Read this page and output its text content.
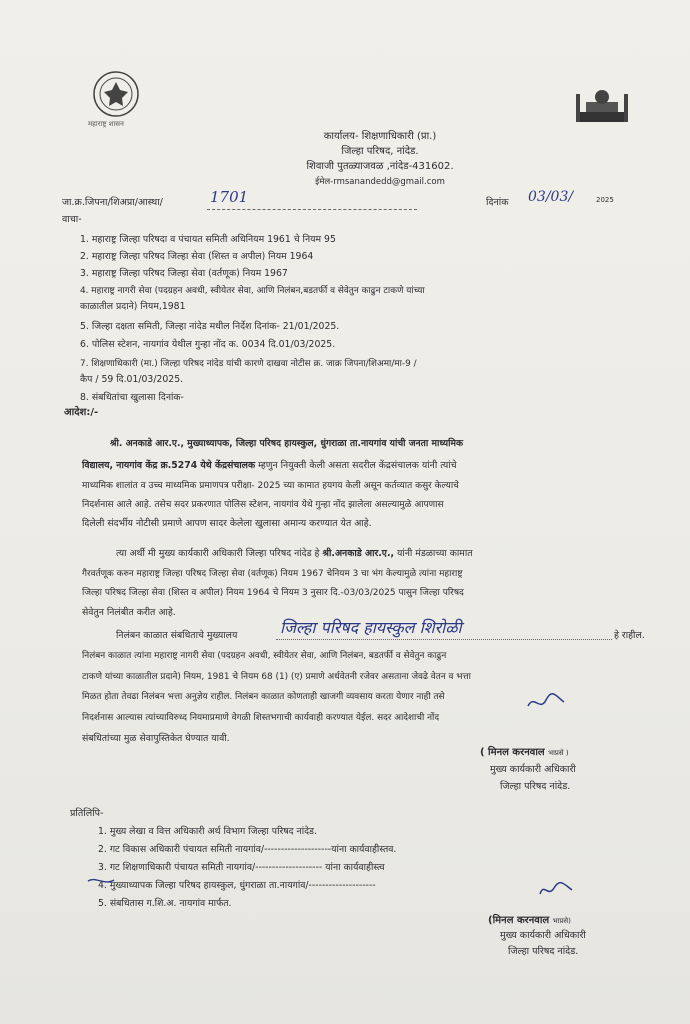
महाराष्ट्र शासन
कार्यालय- शिक्षणाधिकारी (प्रा.)
जिल्हा परिषद, नांदेड.
शिवाजी पुतळ्याजवळ ,नांदेड-431602.
ईमेल-rmsanandedd@gmail.com
जा.क्र.जिपना/शिअप्रा/आस्था/	1701	दिनांक 03/03/	2025
वाचा-
1. महाराष्ट्र जिल्हा परिषदा व पंचायत समिती अधिनियम 1961 चे नियम 95
2. महाराष्ट्र जिल्हा परिषद जिल्हा सेवा (शिस्त व अपील) नियम 1964
3. महाराष्ट्र जिल्हा परिषद जिल्हा सेवा (वर्तणूक) नियम 1967
4. महाराष्ट्र नागरी सेवा (पदग्रहन अवधी, स्वीयेतर सेवा, आणि निलंबन,बडतर्फी व सेवेतुन काढुन टाकणे यांच्या
काळातील प्रदाने) नियम,1981
5. जिल्हा दक्षता समिती, जिल्हा नांदेड मधील निर्देश दिनांक- 21/01/2025.
6. पोलिस स्टेशन, नायगांव येथील गुन्हा नोंद क. 0034 दि.01/03/2025.
7. शिक्षणाधिकारी (मा.) जिल्हा परिषद नांदेड यांची कारणे दाखवा नोटीस क्र. जाक्र जिपना/शिअमा/मा-9 /
कैप / 59 दि.01/03/2025.
8. संबधितांचा खुलासा दिनांक-
आदेश:/-
श्री. अनकाडे आर.ए., मुख्याध्यापक, जिल्हा परिषद हायस्कुल, धुंगराळा ता.नायगांव यांची जनता माध्यमिक
विद्यालय, नायगांव केंद्र क्र.5274 येथे केंद्रसंचालक म्हणुन नियुक्ती केली असता सदरील केंद्रसंचालक यांनी त्यांचे
माध्यमिक शालांत व उच्च माध्यमिक प्रमाणपत्र परीक्षा- 2025 च्या कामात हयगय केली असून कर्तव्यात कसुर केल्याचे
निदर्शनास आले आहे. तसेच सदर प्रकरणात पोलिस स्टेशन, नायगांव येथे गुन्हा नोंद झालेला असल्यामुळे आपणास
दिलेली संदर्भीय नोटीसी प्रमाणे आपण सादर केलेला खुलासा अमान्य करण्यात येत आहे.
त्या अर्थी मी मुख्य कार्यकारी अधिकारी जिल्हा परिषद नांदेड हे श्री.अनकाडे आर.ए., यांनी मंडळाच्या कामात
गैरवर्तणूक करुन महाराष्ट्र जिल्हा परिषद जिल्हा सेवा (वर्तणूक) नियम 1967 चेनियम 3 चा भंग केल्यामुळे त्यांना महाराष्ट्र
जिल्हा परिषद जिल्हा सेवा (शिस्त व अपील) नियम 1964 चे नियम 3 नुसार दि.-03/03/2025 पासुन जिल्हा परिषद
सेवेतुन निलंबीत करीत आहे.
निलंबन काळात संबधिताचे मुख्यालय	जिल्हा परिषद हायस्कुल शिरोळी	हे राहील.
निलंबन काळात त्यांना महाराष्ट्र नागरी सेवा (पदग्रहन अवधी, स्वीयेतर सेवा, आणि निलंबन, बडतर्फी व सेवेतुन काढुन
टाकणे यांच्या काळातील प्रदाने) नियम, 1981 चे नियम 68 (1) (ए) प्रमाणे अर्धवेतनी रजेवर असताना जेवढे वेतन व भत्ता
मिळत होता तेवढा निलंबन भत्ता अनुज्ञेय राहील. निलंबन काळात कोणताही खाजगी व्यवसाय करता येणार नाही तसे
निदर्शनास आल्यास त्यांच्याविरुध्द नियमाप्रमाणे वेगळी शिस्तभगाची कार्यवाही करण्यात येईल. सदर आदेशाची नोंद
संबधितांच्या मुळ सेवापुस्तिकेत घेण्यात यावी.
( मिनल करनवाल भाप्रसे )
मुख्य कार्यकारी अधिकारी
जिल्हा परिषद नांदेड.
प्रतिलिपि-
1. मुख्य लेखा व वित्त अधिकारी अर्थ विभाग जिल्हा परिषद नांदेड.
2. गट विकास अधिकारी पंचायत समिती नायगांव/--------------------यांना कार्यवाहीस्तव.
3. गट शिक्षणाधिकारी पंचायत समिती नायगांव/-------------------- यांना कार्यवाहीस्त्व
4. मुख्याध्यापक जिल्हा परिषद हायस्कुल, धुंगराळा ता.नायगांव/--------------------
5. संबधितास ग.शि.अ. नायगांव मार्फत.
(मिनल करनवाल भाप्रसे)
मुख्य कार्यकारी अधिकारी
जिल्हा परिषद नांदेड.
